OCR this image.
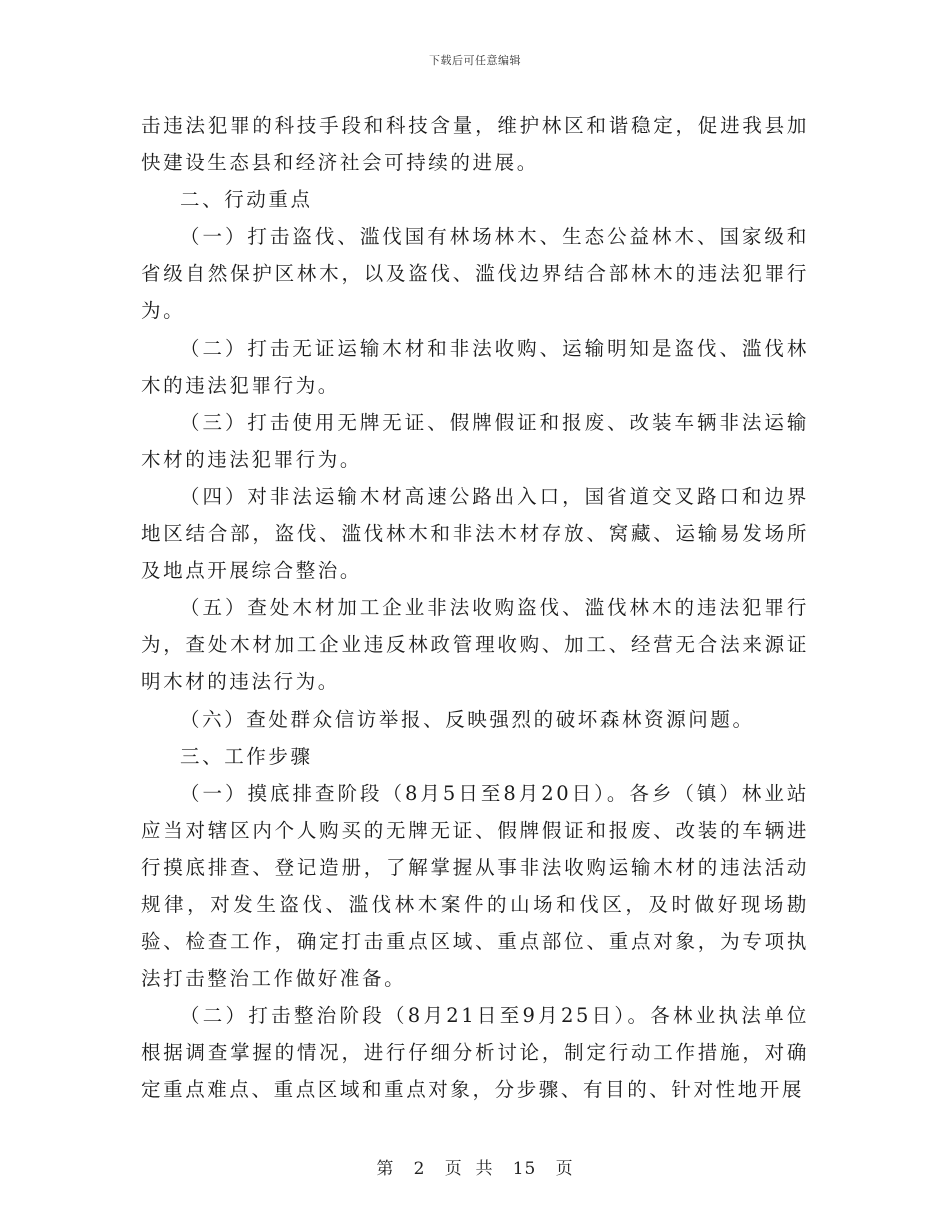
下载后可任意编辑

击违法犯罪的科技手段和科技含量，维护林区和谐稳定，促进我县加快建设生态县和经济社会可持续的进展。

二、行动重点

（一）打击盗伐、滥伐国有林场林木、生态公益林木、国家级和省级自然保护区林木，以及盗伐、滥伐边界结合部林木的违法犯罪行为。

（二）打击无证运输木材和非法收购、运输明知是盗伐、滥伐林木的违法犯罪行为。

（三）打击使用无牌无证、假牌假证和报废、改装车辆非法运输木材的违法犯罪行为。

（四）对非法运输木材高速公路出入口，国省道交叉路口和边界地区结合部，盗伐、滥伐林木和非法木材存放、窝藏、运输易发场所及地点开展综合整治。

（五）查处木材加工企业非法收购盗伐、滥伐林木的违法犯罪行为，查处木材加工企业违反林政管理收购、加工、经营无合法来源证明木材的违法行为。

（六）查处群众信访举报、反映强烈的破坏森林资源问题。

三、工作步骤

（一）摸底排查阶段（8月5日至8月20日）。各乡（镇）林业站应当对辖区内个人购买的无牌无证、假牌假证和报废、改装的车辆进行摸底排查、登记造册，了解掌握从事非法收购运输木材的违法活动规律，对发生盗伐、滥伐林木案件的山场和伐区，及时做好现场勘验、检查工作，确定打击重点区域、重点部位、重点对象，为专项执法打击整治工作做好准备。

（二）打击整治阶段（8月21日至9月25日）。各林业执法单位根据调查掌握的情况，进行仔细分析讨论，制定行动工作措施，对确定重点难点、重点区域和重点对象，分步骤、有目的、针对性地开展

第 2 页  共 15 页
